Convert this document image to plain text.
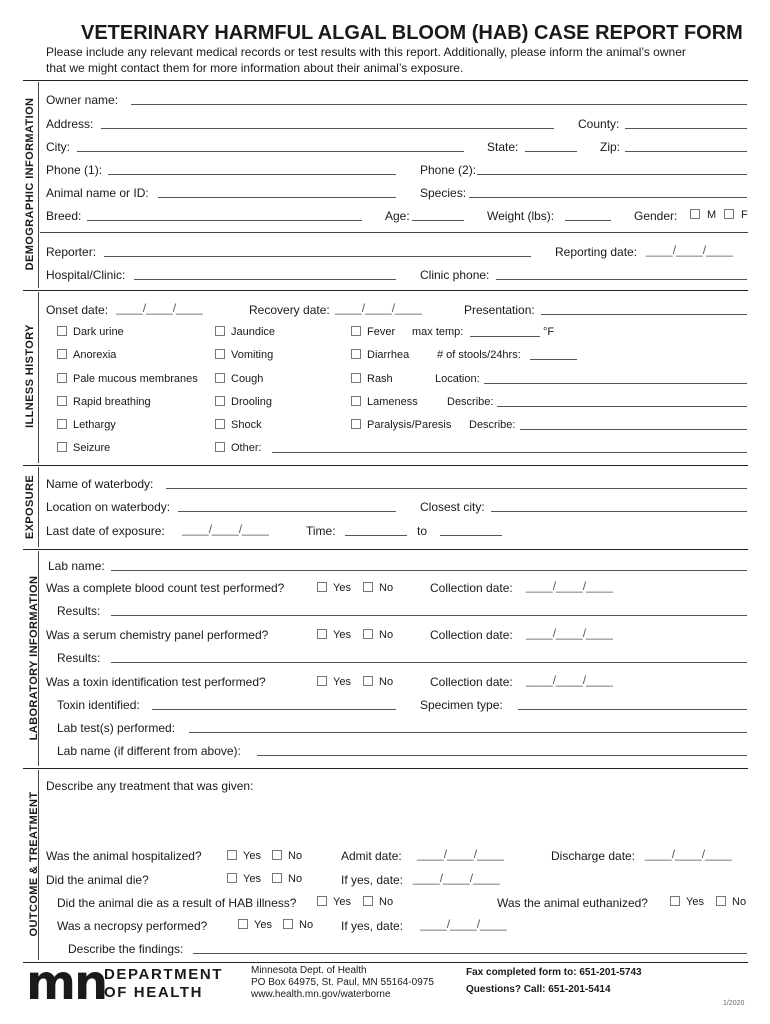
VETERINARY HARMFUL ALGAL BLOOM (HAB) CASE REPORT FORM
Please include any relevant medical records or test results with this report. Additionally, please inform the animal’s owner
that we might contact them for more information about their animal’s exposure.
DEMOGRAPHIC INFORMATION
ILLNESS HISTORY
EXPOSURE
LABORATORY INFORMATION
OUTCOME & TREATMENT
Owner name:
Address:	County:
City:	State:	Zip:
Phone (1):	Phone (2):
Animal name or ID:	Species:
Breed:	Age:	Weight (lbs):	Gender:	M F
Reporter:	Reporting date: ____/____/____
Hospital/Clinic:	Clinic phone:
Onset date: ____/____/____	Recovery date: ____/____/____	Presentation:
Dark urine	Jaundice	Fever max temp:	°F
Anorexia	Vomiting	Diarrhea	# of stools/24hrs:
Pale mucous membranes	Cough	Rash	Location:
Rapid breathing	Drooling	Lameness	Describe:
Lethargy	Shock	Paralysis/Paresis Describe:
Seizure	Other:
Name of waterbody:
Location on waterbody:	Closest city:
Last date of exposure: ____/____/____	Time:	to
Lab name:
Was a complete blood count test performed?	Yes	No	Collection date: ____/____/____
Results:
Was a serum chemistry panel performed?	Yes	No	Collection date: ____/____/____
Results:
Was a toxin identification test performed?	Yes	No	Collection date: ____/____/____
Toxin identified:	Specimen type:
Lab test(s) performed:
Lab name (if different from above):
Describe any treatment that was given:
Was the animal hospitalized?	Yes No	Admit date: ____/____/____	Discharge date: ____/____/____
Did the animal die?	Yes No	If yes, date: ____/____/____
Did the animal die as a result of HAB illness?	Yes	No	Was the animal euthanized?	Yes	No
Was a necropsy performed?	Yes No If yes, date: ____/____/____
Describe the findings:
mn
DEPARTMENT
OF HEALTH
Minnesota Dept. of Health
PO Box 64975, St. Paul, MN 55164-0975
www.health.mn.gov/waterborne
Fax completed form to: 651-201-5743
Questions? Call: 651-201-5414
1/2020
